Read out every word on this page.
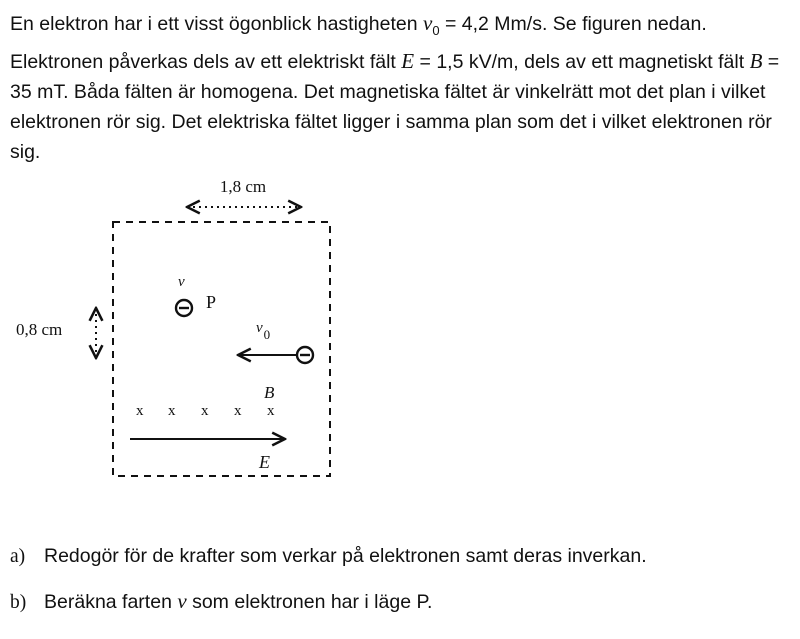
En elektron har i ett visst ögonblick hastigheten $v_0 = 4,2$ Mm/s. Se figuren nedan. Elektronen påverkas dels av ett elektriskt fält E = 1,5 kV/m, dels av ett magnetiskt fält B = 35 mT. Båda fälten är homogena. Det magnetiska fältet är vinkelrätt mot det plan i vilket elektronen rör sig. Det elektriska fältet ligger i samma plan som det i vilket elektronen rör sig.

1,8 cm
0,8 cm
v
P
v0
B
x x x x x
E

a) Redogör för de krafter som verkar på elektronen samt deras inverkan.

b) Beräkna farten v som elektronen har i läge P.
